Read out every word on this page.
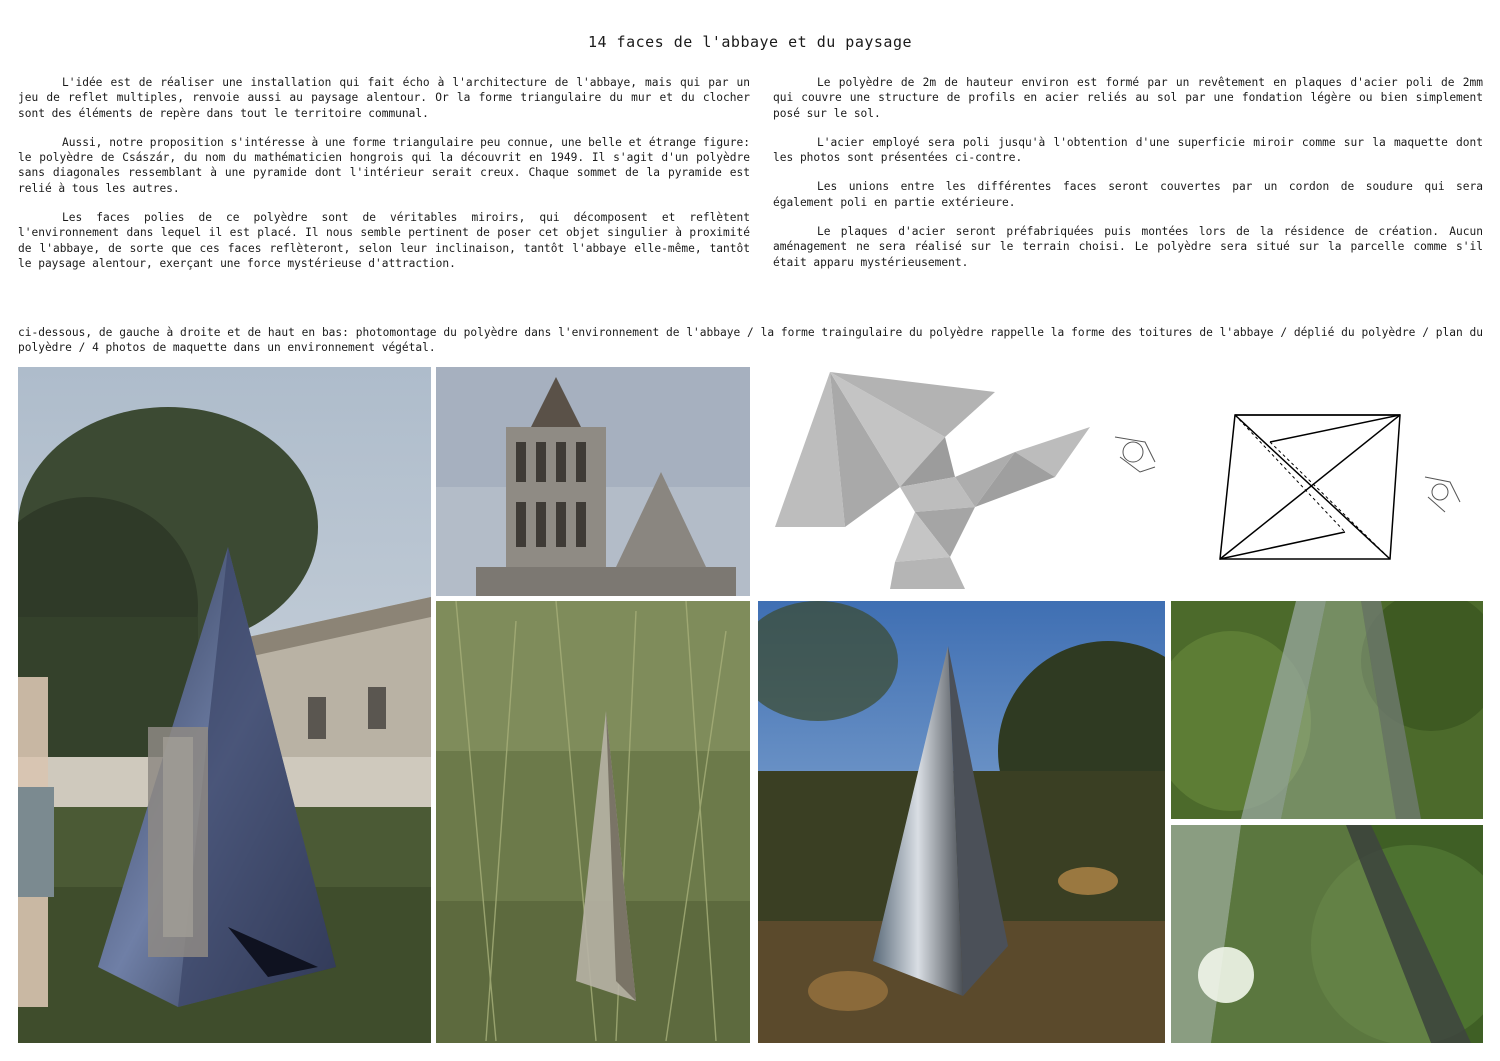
14 faces de l'abbaye et du paysage

L'idée est de réaliser une installation qui fait écho à l'architecture de l'abbaye, mais qui par un jeu de reflet multiples, renvoie aussi au paysage alentour. Or la forme triangulaire du mur et du clocher sont des éléments de repère dans tout le territoire communal.

Aussi, notre proposition s'intéresse à une forme triangulaire peu connue, une belle et étrange figure: le polyèdre de Császár, du nom du mathématicien hongrois qui la découvrit en 1949. Il s'agit d'un polyèdre sans diagonales ressemblant à une pyramide dont l'intérieur serait creux. Chaque sommet de la pyramide est relié à tous les autres.

Les faces polies de ce polyèdre sont de véritables miroirs, qui décomposent et reflètent l'environnement dans lequel il est placé. Il nous semble pertinent de poser cet objet singulier à proximité de l'abbaye, de sorte que ces faces reflèteront, selon leur inclinaison, tantôt l'abbaye elle-même, tantôt le paysage alentour, exerçant une force mystérieuse d'attraction.

Le polyèdre de 2m de hauteur environ est formé par un revêtement en plaques d'acier poli de 2mm qui couvre une structure de profils en acier reliés au sol par une fondation légère ou bien simplement posé sur le sol.

L'acier employé sera poli jusqu'à l'obtention d'une superficie miroir comme sur la maquette dont les photos sont présentées ci-contre.

Les unions entre les différentes faces seront couvertes par un cordon de soudure qui sera également poli en partie extérieure.

Le plaques d'acier seront préfabriquées puis montées lors de la résidence de création. Aucun aménagement ne sera réalisé sur le terrain choisi. Le polyèdre sera situé sur la parcelle comme s'il était apparu mystérieusement.

ci-dessous, de gauche à droite et de haut en bas: photomontage du polyèdre dans l'environnement de l'abbaye / la forme traingulaire du polyèdre rappelle la forme des toitures de l'abbaye / déplié du polyèdre / plan du polyèdre / 4 photos de maquette dans un environnement végétal.
